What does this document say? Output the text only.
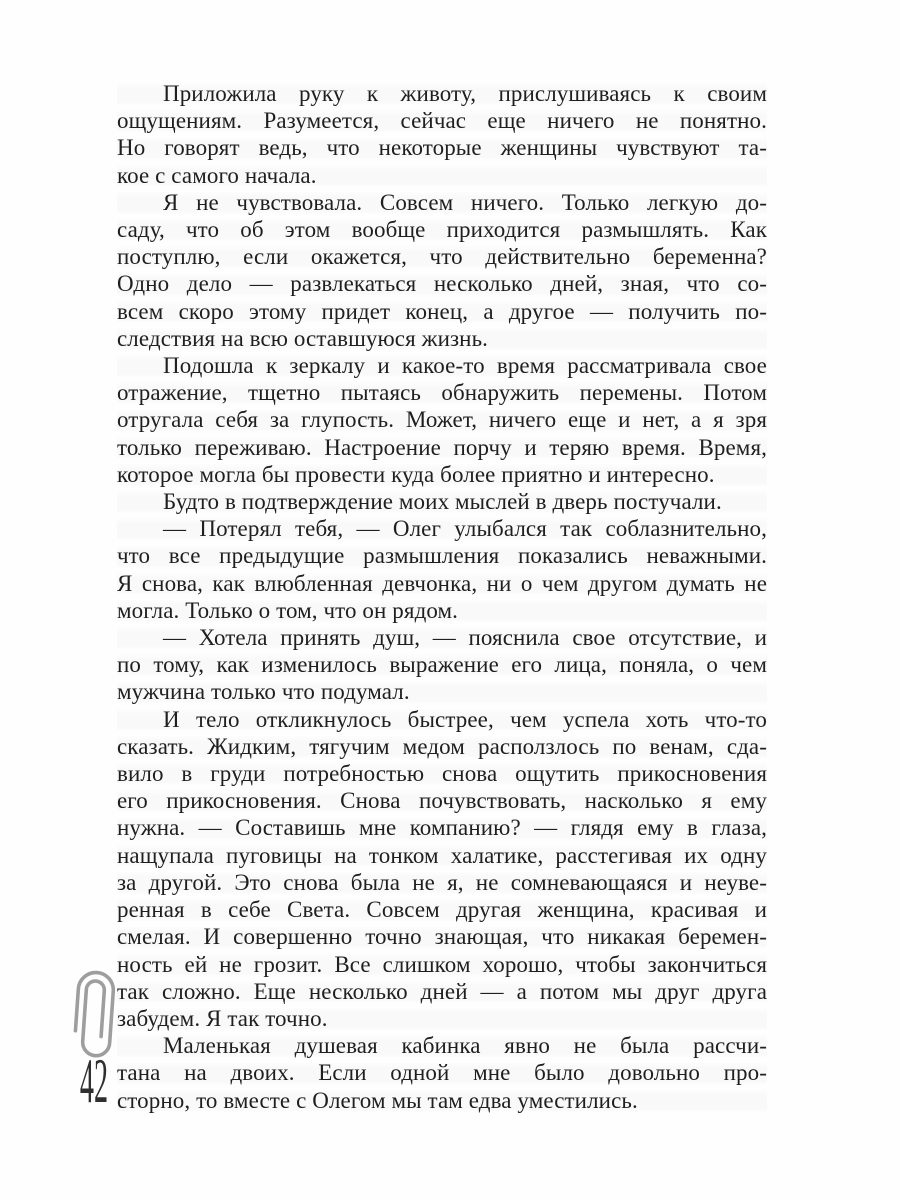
Приложила руку к животу, прислушиваясь к своим
ощущениям. Разумеется, сейчас еще ничего не понятно.
Но говорят ведь, что некоторые женщины чувствуют та-
кое с самого начала.
Я не чувствовала. Совсем ничего. Только легкую до-
саду, что об этом вообще приходится размышлять. Как
поступлю, если окажется, что действительно беременна?
Одно дело — развлекаться несколько дней, зная, что со-
всем скоро этому придет конец, а другое — получить по-
следствия на всю оставшуюся жизнь.
Подошла к зеркалу и какое-то время рассматривала свое
отражение, тщетно пытаясь обнаружить перемены. Потом
отругала себя за глупость. Может, ничего еще и нет, а я зря
только переживаю. Настроение порчу и теряю время. Время,
которое могла бы провести куда более приятно и интересно.
Будто в подтверждение моих мыслей в дверь постучали.
— Потерял тебя, — Олег улыбался так соблазнительно,
что все предыдущие размышления показались неважными.
Я снова, как влюбленная девчонка, ни о чем другом думать не
могла. Только о том, что он рядом.
— Хотела принять душ, — пояснила свое отсутствие, и
по тому, как изменилось выражение его лица, поняла, о чем
мужчина только что подумал.
И тело откликнулось быстрее, чем успела хоть что-то
сказать. Жидким, тягучим медом расползлось по венам, сда-
вило в груди потребностью снова ощутить прикосновения
его прикосновения. Снова почувствовать, насколько я ему
нужна. — Составишь мне компанию? — глядя ему в глаза,
нащупала пуговицы на тонком халатике, расстегивая их одну
за другой. Это снова была не я, не сомневающаяся и неуве-
ренная в себе Света. Совсем другая женщина, красивая и
смелая. И совершенно точно знающая, что никакая беремен-
ность ей не грозит. Все слишком хорошо, чтобы закончиться
так сложно. Еще несколько дней — а потом мы друг друга
забудем. Я так точно.
Маленькая душевая кабинка явно не была рассчи-
тана на двоих. Если одной мне было довольно про-
сторно, то вместе с Олегом мы там едва уместились.
42
